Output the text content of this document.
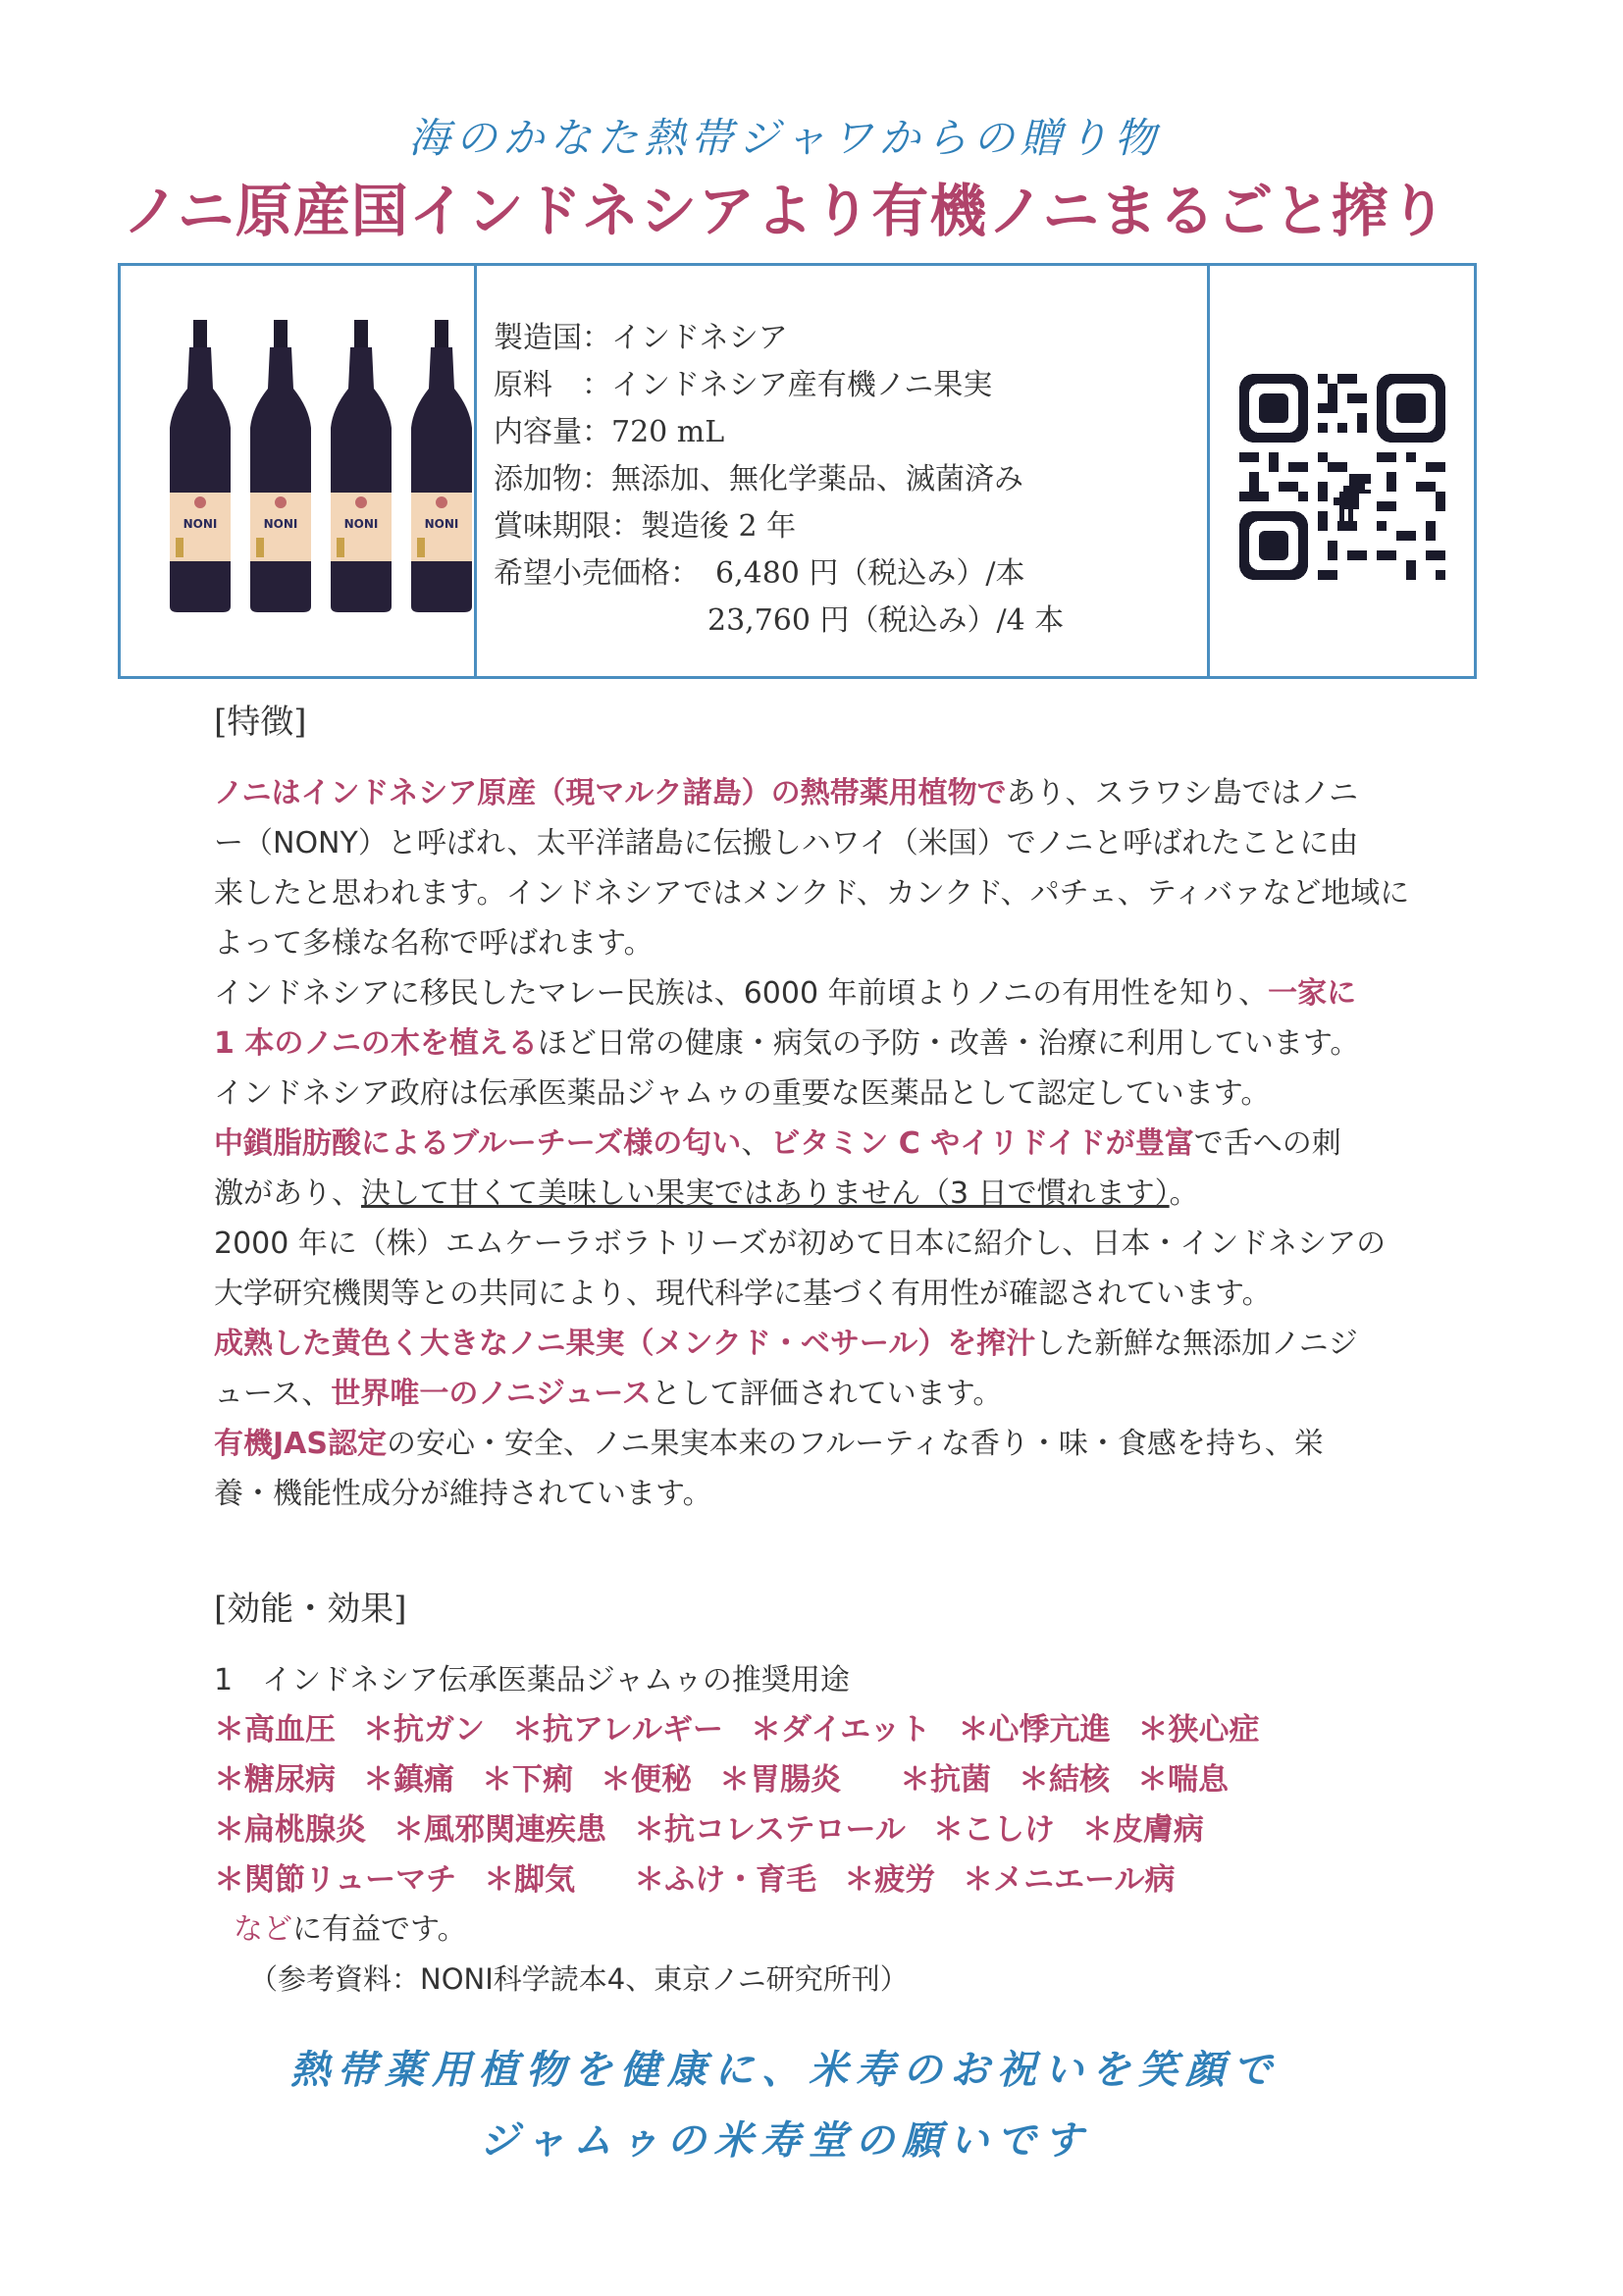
海のかなた熱帯ジャワからの贈り物
ノニ原産国インドネシアより有機ノニまるごと搾り
NONI	NONI	NONI	NONI
製造国：インドネシア
原料　：インドネシア産有機ノニ果実
内容量：720 mL
添加物：無添加、無化学薬品、滅菌済み
賞味期限：製造後 2 年
希望小売価格： 6,480 円（税込み）/本
23,760 円（税込み）/4 本
[特徴]
ノニはインドネシア原産（現マルク諸島）の熱帯薬用植物であり、スラワシ島ではノニ
ー（NONY）と呼ばれ、太平洋諸島に伝搬しハワイ（米国）でノニと呼ばれたことに由
来したと思われます。インドネシアではメンクド、カンクド、パチェ、ティバァなど地域に
よって多様な名称で呼ばれます。
インドネシアに移民したマレー民族は、6000 年前頃よりノニの有用性を知り、一家に
1 本のノニの木を植えるほど日常の健康・病気の予防・改善・治療に利用しています。
インドネシア政府は伝承医薬品ジャムゥの重要な医薬品として認定しています。
中鎖脂肪酸によるブルーチーズ様の匂い、ビタミン C やイリドイドが豊富で舌への刺
激があり、決して甘くて美味しい果実ではありません（3 日で慣れます）。
2000 年に（株）エムケーラボラトリーズが初めて日本に紹介し、日本・インドネシアの
大学研究機関等との共同により、現代科学に基づく有用性が確認されています。
成熟した黄色く大きなノニ果実（メンクド・ベサール）を搾汁した新鮮な無添加ノニジ
ュース、世界唯一のノニジュースとして評価されています。
有機JAS認定の安心・安全、ノニ果実本来のフルーティな香り・味・食感を持ち、栄
養・機能性成分が維持されています。
[効能・効果]
1　インドネシア伝承医薬品ジャムゥの推奨用途
＊高血圧 ＊抗ガン ＊抗アレルギー ＊ダイエット ＊心悸亢進 ＊狭心症
＊糖尿病 ＊鎮痛 ＊下痢 ＊便秘 ＊胃腸炎 ＊抗菌 ＊結核 ＊喘息
＊扁桃腺炎 ＊風邪関連疾患 ＊抗コレステロール ＊こしけ ＊皮膚病
＊関節リューマチ ＊脚気 ＊ふけ・育毛 ＊疲労 ＊メニエール病
などに有益です。
（参考資料：NONI科学読本4、東京ノニ研究所刊）
熱帯薬用植物を健康に、米寿のお祝いを笑顔で
ジャムゥの米寿堂の願いです
